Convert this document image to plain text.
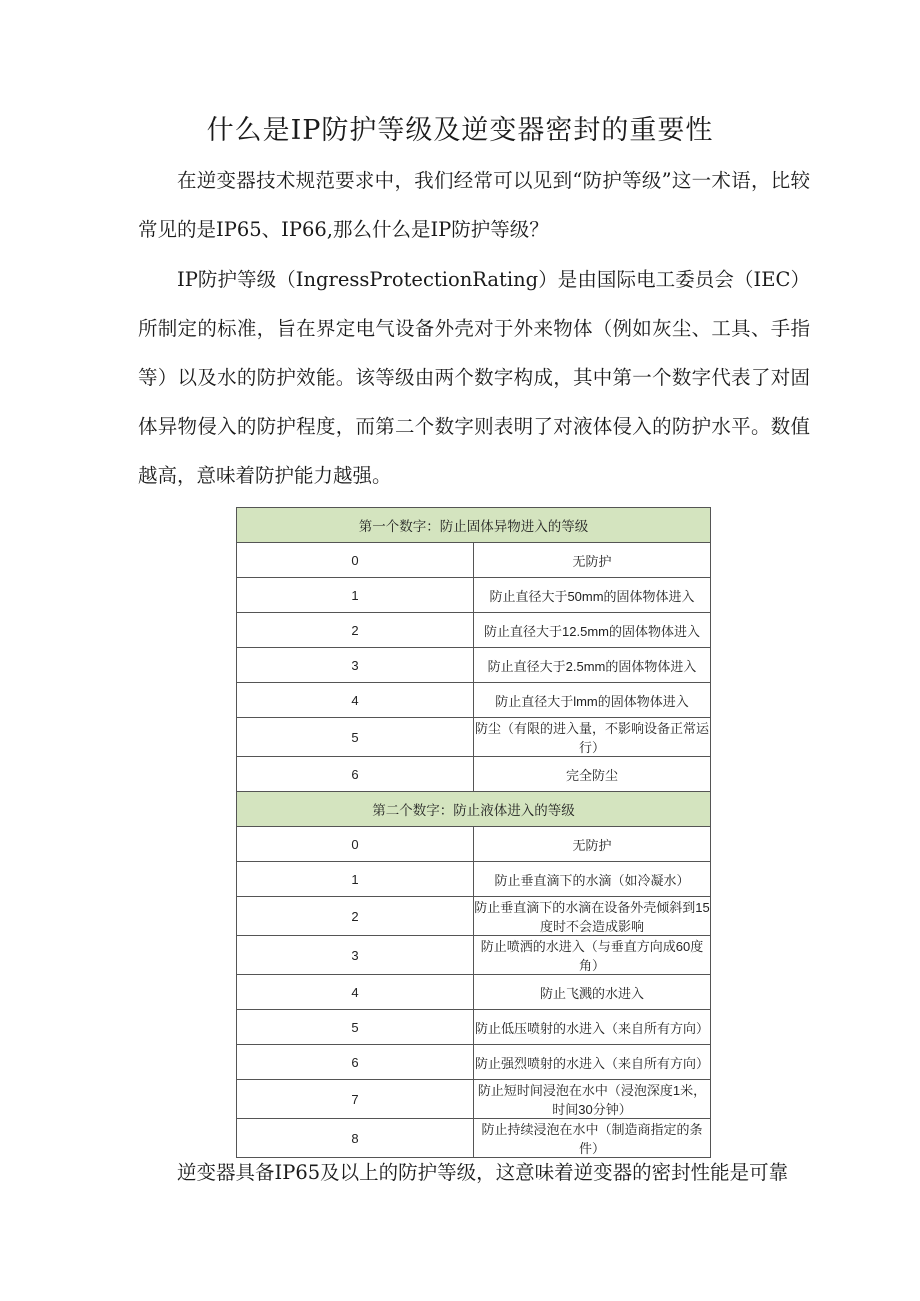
什么是IP防护等级及逆变器密封的重要性

在逆变器技术规范要求中，我们经常可以见到“防护等级”这一术语，比较常见的是IP65、IP66,那么什么是IP防护等级？

IP防护等级（IngressProtectionRating）是由国际电工委员会（IEC）所制定的标准，旨在界定电气设备外壳对于外来物体（例如灰尘、工具、手指等）以及水的防护效能。该等级由两个数字构成，其中第一个数字代表了对固体异物侵入的防护程度，而第二个数字则表明了对液体侵入的防护水平。数值越高，意味着防护能力越强。

第一个数字：防止固体异物进入的等级	
0	无防护
1	防止直径大于50mm的固体物体进入
2	防止直径大于12.5mm的固体物体进入
3	防止直径大于2.5mm的固体物体进入
4	防止直径大于lmm的固体物体进入
5	防尘（有限的进入量，不影响设备正常运行）
6	完全防尘
第二个数字：防止液体进入的等级	
0	无防护
1	防止垂直滴下的水滴（如冷凝水）
2	防止垂直滴下的水滴在设备外壳倾斜到15度时不会造成影响
3	防止喷洒的水进入（与垂直方向成60度角）
4	防止飞溅的水进入
5	防止低压喷射的水进入（来自所有方向）
6	防止强烈喷射的水进入（来自所有方向）
7	防止短时间浸泡在水中（浸泡深度1米，时间30分钟）
8	防止持续浸泡在水中（制造商指定的条件）

逆变器具备IP65及以上的防护等级，这意味着逆变器的密封性能是可靠
